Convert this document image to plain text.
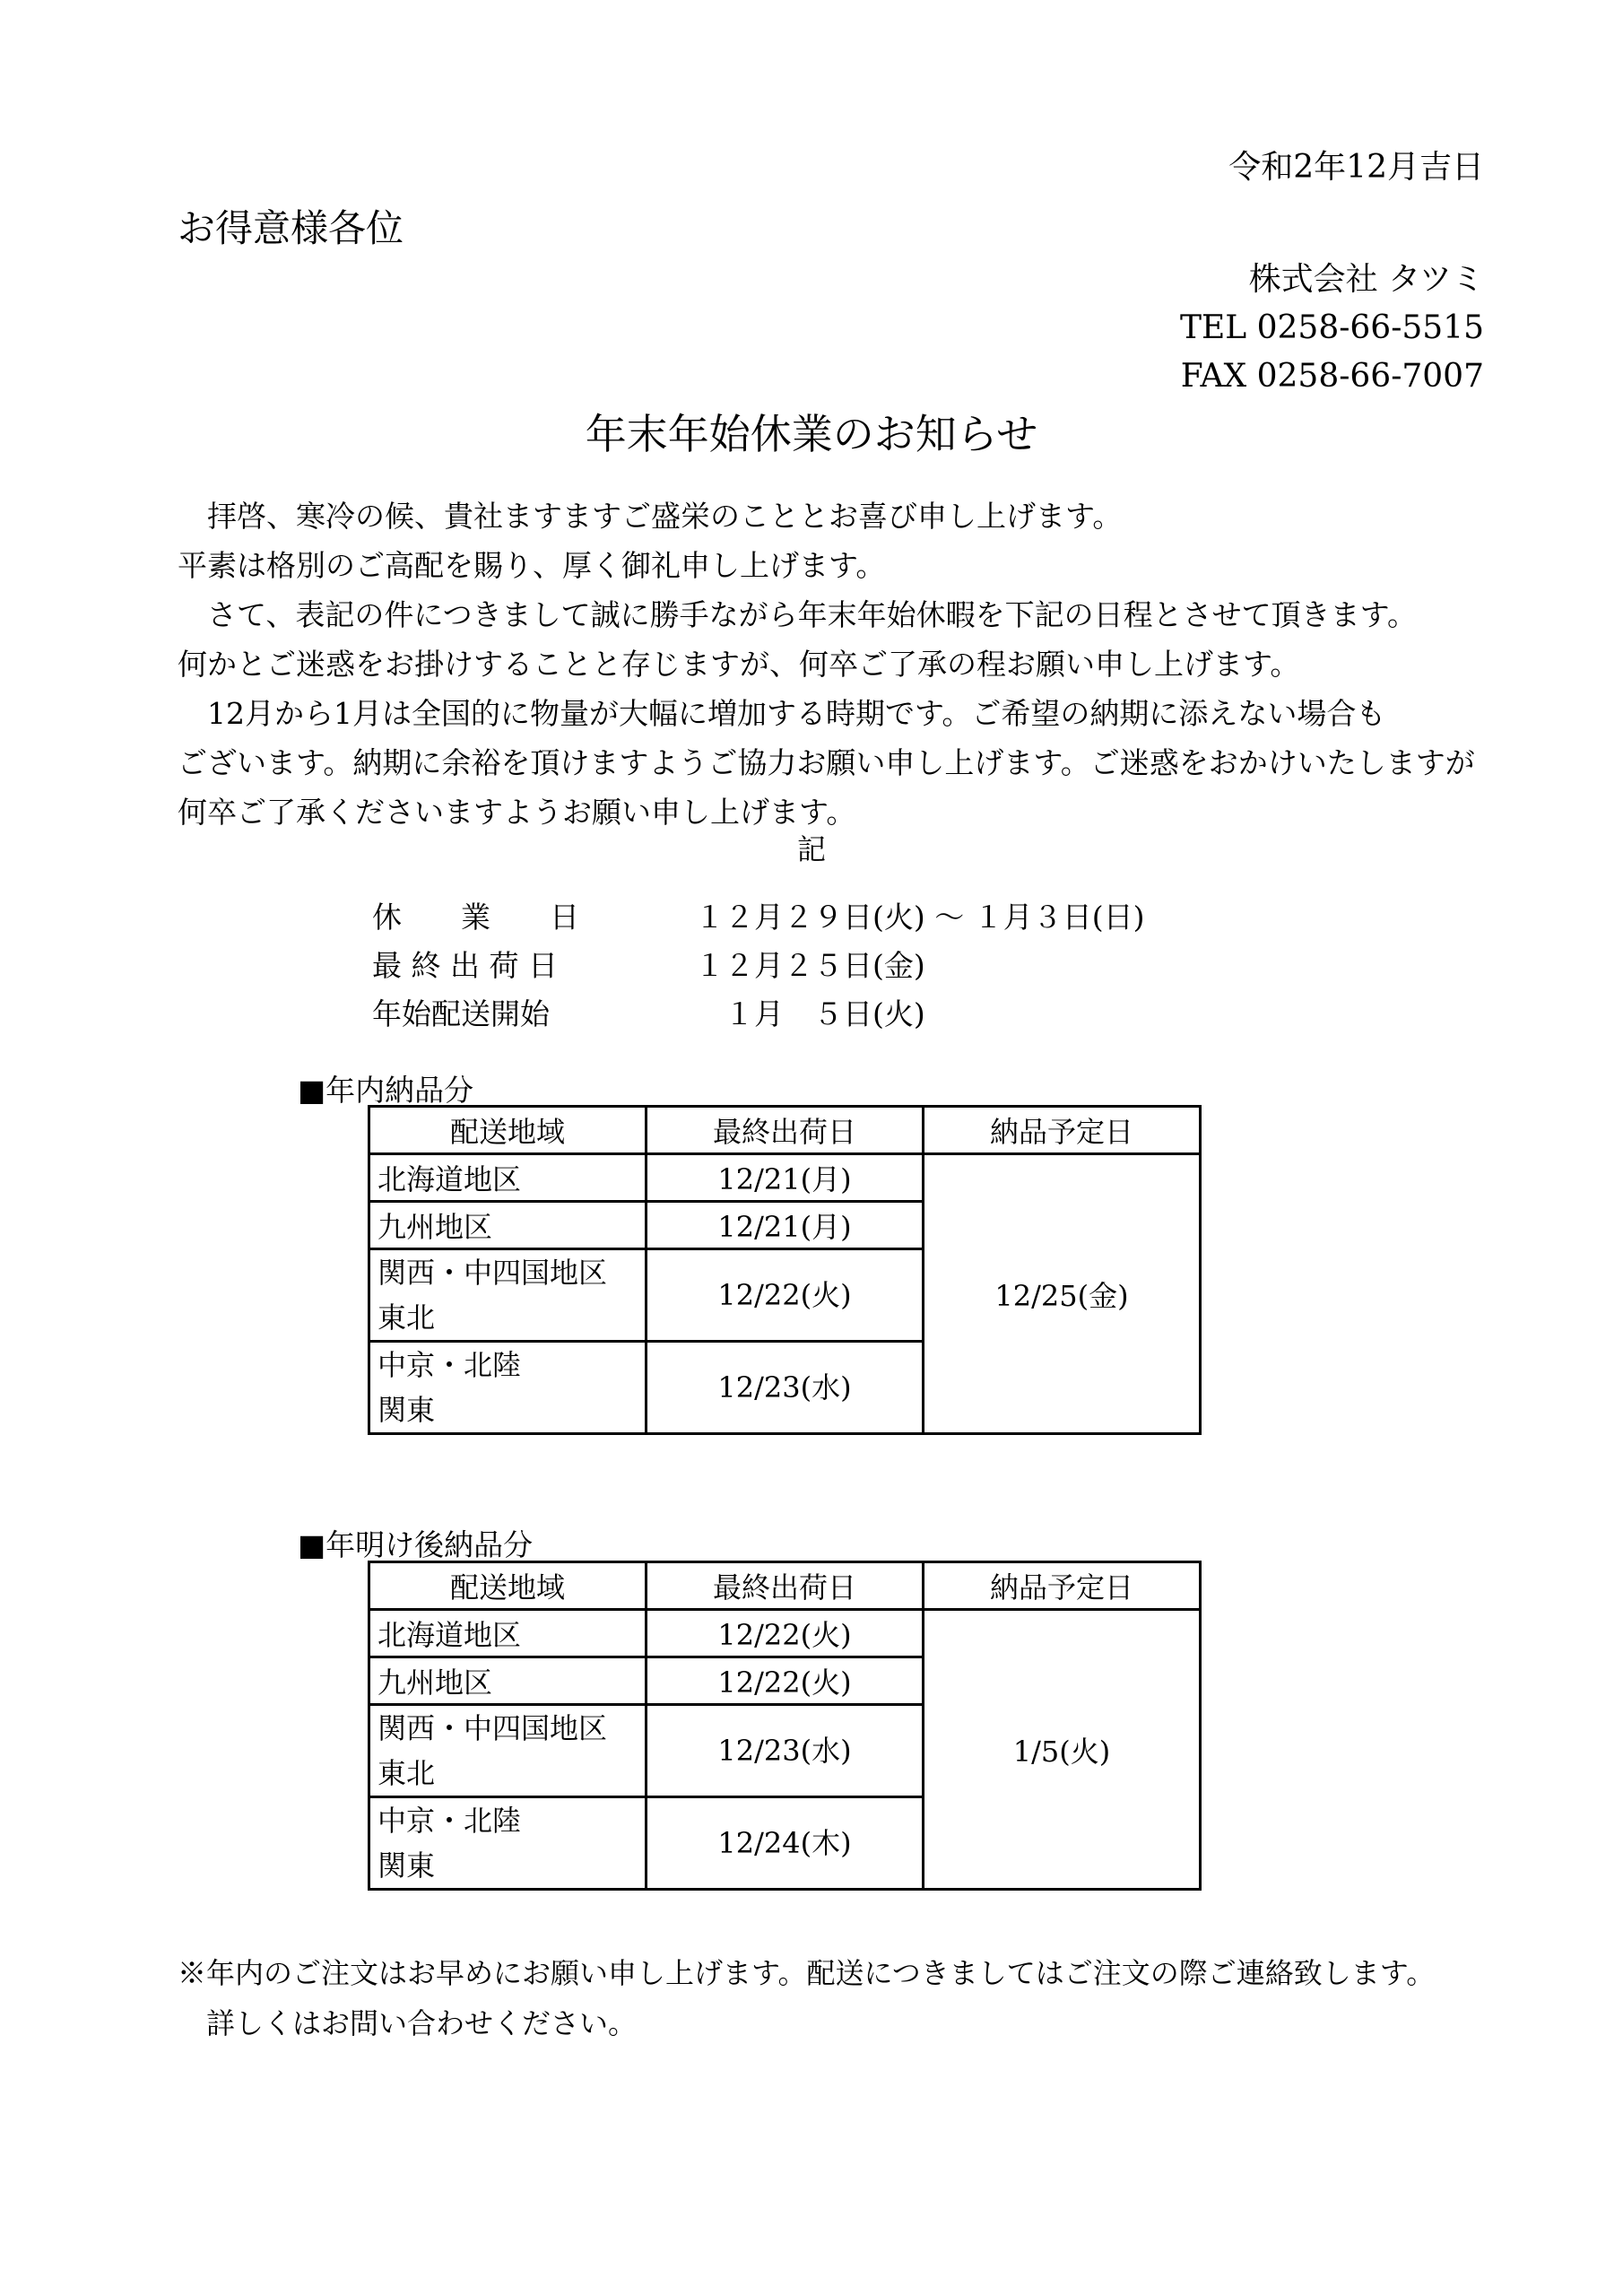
令和2年12月吉日
お得意様各位
株式会社 タツミ
TEL 0258-66-5515
FAX 0258-66-7007
年末年始休業のお知らせ
　拝啓、寒冷の候、貴社ますますご盛栄のこととお喜び申し上げます。
平素は格別のご高配を賜り、厚く御礼申し上げます。
　さて、表記の件につきまして誠に勝手ながら年末年始休暇を下記の日程とさせて頂きます。
何かとご迷惑をお掛けすることと存じますが、何卒ご了承の程お願い申し上げます。
　12月から1月は全国的に物量が大幅に増加する時期です。ご希望の納期に添えない場合も
ございます。納期に余裕を頂けますようご協力お願い申し上げます。ご迷惑をおかけいたしますが
何卒ご了承くださいますようお願い申し上げます。
記
休　　業　　日	１２月２９日(火) ～ １月３日(日)
最 終 出 荷 日	１２月２５日(金)
年始配送開始	　１月　５日(火)
■年内納品分
配送地域	最終出荷日	納品予定日
北海道地区	12/21(月)	12/25(金)
九州地区	12/21(月)	

関西・中四国地区
東北	12/22(火)	

中京・北陸
関東	12/23(水)	
■年明け後納品分
配送地域	最終出荷日	納品予定日
北海道地区	12/22(火)	1/5(火)
九州地区	12/22(火)	

関西・中四国地区
東北	12/23(水)	

中京・北陸
関東	12/24(木)	
※年内のご注文はお早めにお願い申し上げます。配送につきましてはご注文の際ご連絡致します。
　詳しくはお問い合わせください。
